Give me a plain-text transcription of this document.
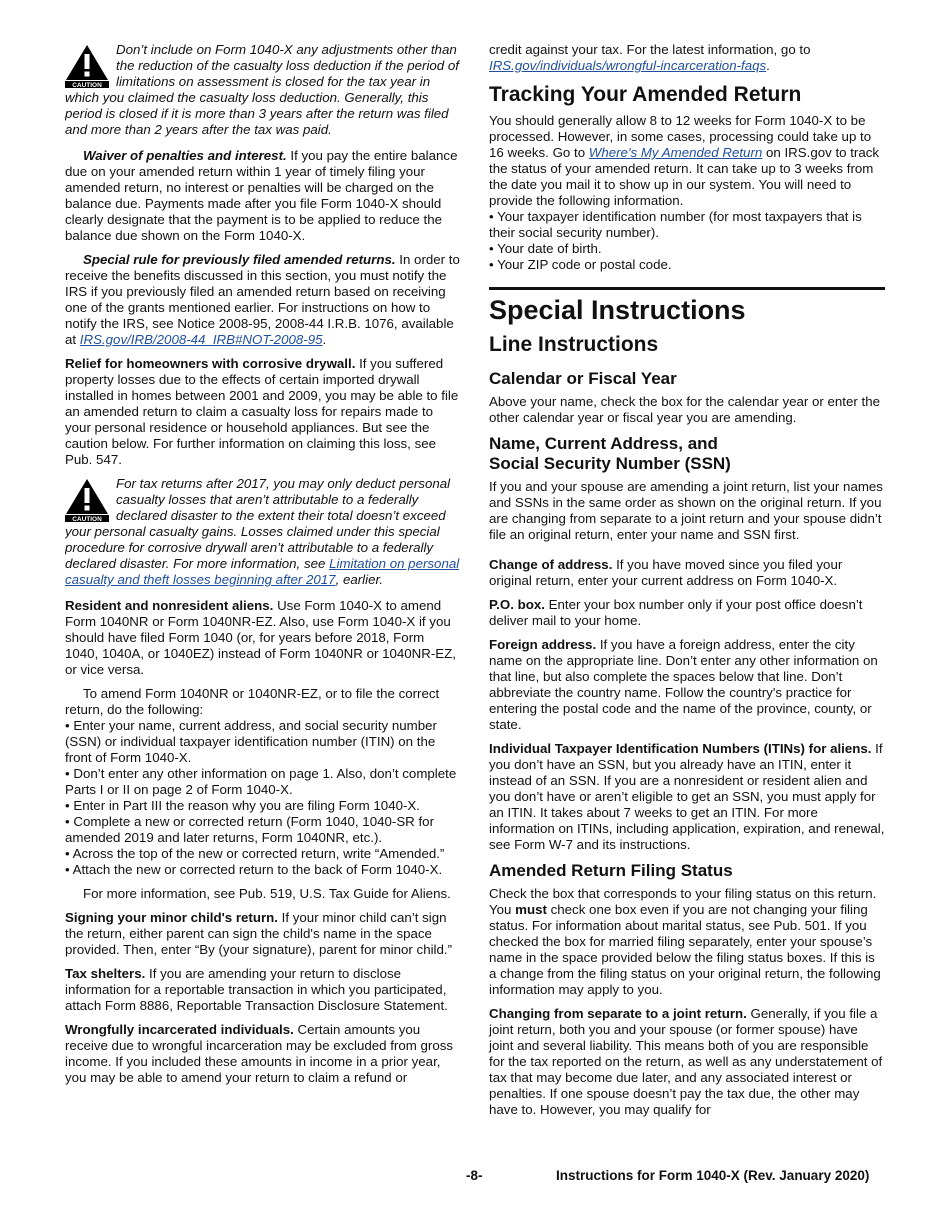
CAUTION
Don’t include on Form 1040-X any adjustments other than the reduction of the casualty loss deduction if the period of limitations on assessment is closed for the tax year in which you claimed the casualty loss deduction. Generally, this period is closed if it is more than 3 years after the return was filed and more than 2 years after the tax was paid.

Waiver of penalties and interest. If you pay the entire balance due on your amended return within 1 year of timely filing your amended return, no interest or penalties will be charged on the balance due. Payments made after you file Form 1040-X should clearly designate that the payment is to be applied to reduce the balance due shown on the Form 1040-X.

Special rule for previously filed amended returns. In order to receive the benefits discussed in this section, you must notify the IRS if you previously filed an amended return based on receiving one of the grants mentioned earlier. For instructions on how to notify the IRS, see Notice 2008-95, 2008-44 I.R.B. 1076, available at IRS.gov/IRB/2008-44_IRB#NOT-2008-95.

Relief for homeowners with corrosive drywall. If you suffered property losses due to the effects of certain imported drywall installed in homes between 2001 and 2009, you may be able to file an amended return to claim a casualty loss for repairs made to your personal residence or household appliances. But see the caution below. For further information on claiming this loss, see Pub. 547.

CAUTION
For tax returns after 2017, you may only deduct personal casualty losses that aren’t attributable to a federally declared disaster to the extent their total doesn’t exceed your personal casualty gains. Losses claimed under this special procedure for corrosive drywall aren’t attributable to a federally declared disaster. For more information, see Limitation on personal casualty and theft losses beginning after 2017, earlier.

Resident and nonresident aliens. Use Form 1040-X to amend Form 1040NR or Form 1040NR-EZ. Also, use Form 1040-X if you should have filed Form 1040 (or, for years before 2018, Form 1040, 1040A, or 1040EZ) instead of Form 1040NR or 1040NR-EZ, or vice versa.

To amend Form 1040NR or 1040NR-EZ, or to file the correct return, do the following:

• Enter your name, current address, and social security number (SSN) or individual taxpayer identification number (ITIN) on the front of Form 1040-X.

• Don’t enter any other information on page 1. Also, don’t complete Parts I or II on page 2 of Form 1040-X.

• Enter in Part III the reason why you are filing Form 1040-X.

• Complete a new or corrected return (Form 1040, 1040-SR for amended 2019 and later returns, Form 1040NR, etc.).

• Across the top of the new or corrected return, write “Amended.”

• Attach the new or corrected return to the back of Form 1040-X.

For more information, see Pub. 519, U.S. Tax Guide for Aliens.

Signing your minor child's return. If your minor child can’t sign the return, either parent can sign the child's name in the space provided. Then, enter “By (your signature), parent for minor child.”

Tax shelters. If you are amending your return to disclose information for a reportable transaction in which you participated, attach Form 8886, Reportable Transaction Disclosure Statement.

Wrongfully incarcerated individuals. Certain amounts you receive due to wrongful incarceration may be excluded from gross income. If you included these amounts in income in a prior year, you may be able to amend your return to claim a refund or

credit against your tax. For the latest information, go to IRS.gov/individuals/wrongful-incarceration-faqs.

Tracking Your Amended Return

You should generally allow 8 to 12 weeks for Form 1040-X to be processed. However, in some cases, processing could take up to 16 weeks. Go to Where's My Amended Return on IRS.gov to track the status of your amended return. It can take up to 3 weeks from the date you mail it to show up in our system. You will need to provide the following information.

• Your taxpayer identification number (for most taxpayers that is their social security number).

• Your date of birth.

• Your ZIP code or postal code.

Special Instructions
Line Instructions
Calendar or Fiscal Year

Above your name, check the box for the calendar year or enter the other calendar year or fiscal year you are amending.

Name, Current Address, and
Social Security Number (SSN)

If you and your spouse are amending a joint return, list your names and SSNs in the same order as shown on the original return. If you are changing from separate to a joint return and your spouse didn’t file an original return, enter your name and SSN first.

Change of address. If you have moved since you filed your original return, enter your current address on Form 1040-X.

P.O. box. Enter your box number only if your post office doesn’t deliver mail to your home.

Foreign address. If you have a foreign address, enter the city name on the appropriate line. Don’t enter any other information on that line, but also complete the spaces below that line. Don’t abbreviate the country name. Follow the country's practice for entering the postal code and the name of the province, county, or state.

Individual Taxpayer Identification Numbers (ITINs) for aliens. If you don’t have an SSN, but you already have an ITIN, enter it instead of an SSN. If you are a nonresident or resident alien and you don’t have or aren’t eligible to get an SSN, you must apply for an ITIN. It takes about 7 weeks to get an ITIN. For more information on ITINs, including application, expiration, and renewal, see Form W-7 and its instructions.

Amended Return Filing Status

Check the box that corresponds to your filing status on this return. You must check one box even if you are not changing your filing status. For information about marital status, see Pub. 501. If you checked the box for married filing separately, enter your spouse’s name in the space provided below the filing status boxes. If this is a change from the filing status on your original return, the following information may apply to you.

Changing from separate to a joint return. Generally, if you file a joint return, both you and your spouse (or former spouse) have joint and several liability. This means both of you are responsible for the tax reported on the return, as well as any understatement of tax that may become due later, and any associated interest or penalties. If one spouse doesn’t pay the tax due, the other may have to. However, you may qualify for

-8-	Instructions for Form 1040-X (Rev. January 2020)
